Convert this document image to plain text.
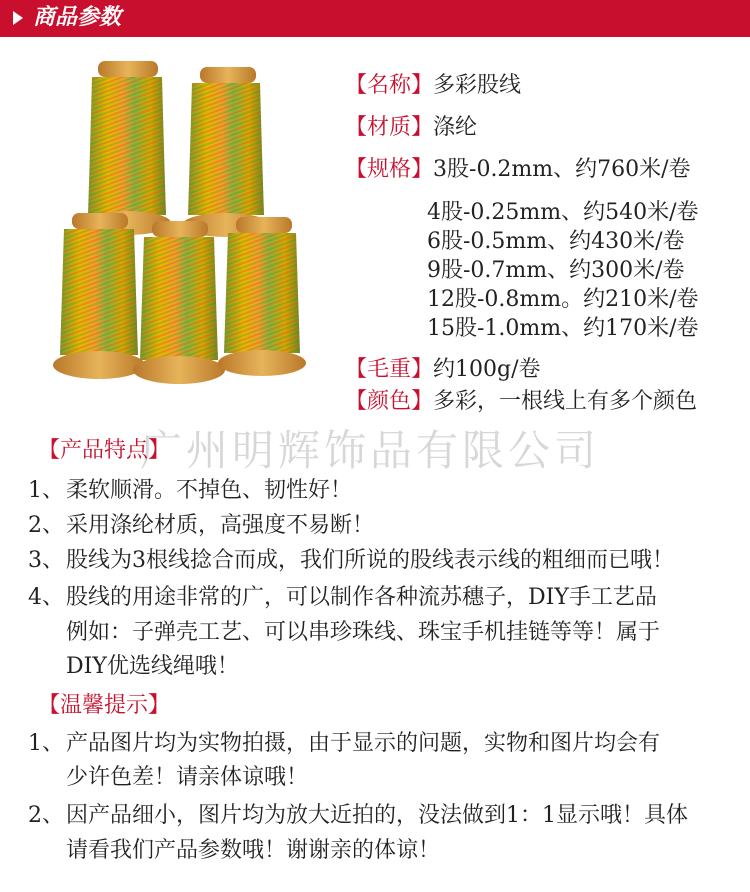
商品参数
【名称】多彩股线
【材质】涤纶
【规格】3股-0.2mm、约760米/卷
4股-0.25mm、约540米/卷
6股-0.5mm、约430米/卷
9股-0.7mm、约300米/卷
12股-0.8mm。约210米/卷
15股-1.0mm、约170米/卷
【毛重】约100g/卷
【颜色】多彩，一根线上有多个颜色
广州明辉饰品有限公司
【产品特点】
1、柔软顺滑。不掉色、韧性好！
2、采用涤纶材质，高强度不易断！
3、股线为3根线捻合而成，我们所说的股线表示线的粗细而已哦！
4、股线的用途非常的广，可以制作各种流苏穗子，DIY手工艺品
例如：子弹壳工艺、可以串珍珠线、珠宝手机挂链等等！属于
DIY优选线绳哦！
【温馨提示】
1、产品图片均为实物拍摄，由于显示的问题，实物和图片均会有
少许色差！请亲体谅哦！
2、因产品细小，图片均为放大近拍的，没法做到1：1显示哦！具体
请看我们产品参数哦！谢谢亲的体谅！
